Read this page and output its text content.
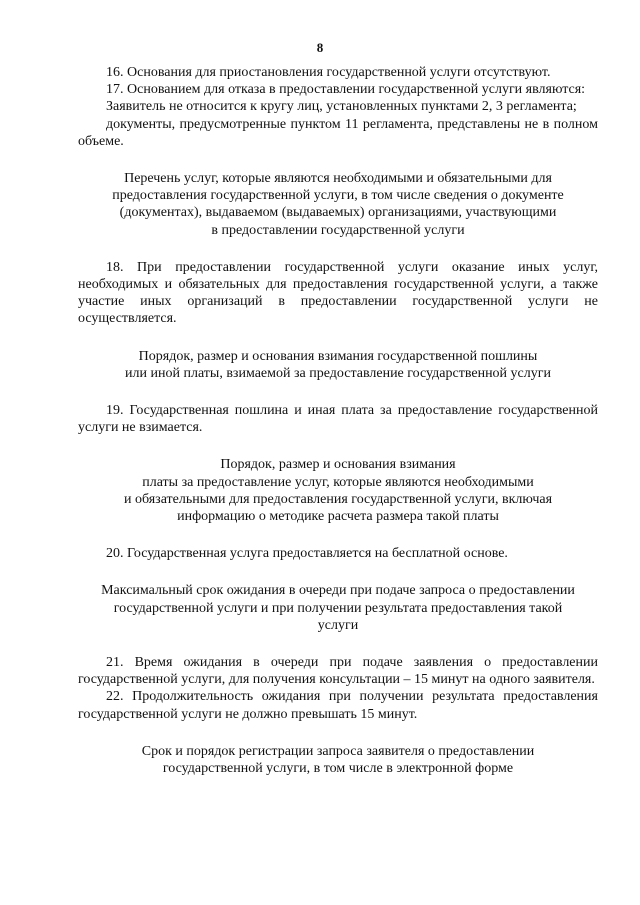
8

16. Основания для приостановления государственной услуги отсутствуют.

17. Основанием для отказа в предоставлении государственной услуги являются:

Заявитель не относится к кругу лиц, установленных пунктами 2, 3 регламента;

документы, предусмотренные пунктом 11 регламента, представлены не в полном объеме.

Перечень услуг, которые являются необходимыми и обязательными для
предоставления государственной услуги, в том числе сведения о документе
(документах), выдаваемом (выдаваемых) организациями, участвующими
в предоставлении государственной услуги

18. При предоставлении государственной услуги оказание иных услуг, необходимых и обязательных для предоставления государственной услуги, а также участие иных организаций в предоставлении государственной услуги не осуществляется.

Порядок, размер и основания взимания государственной пошлины
или иной платы, взимаемой за предоставление государственной услуги

19. Государственная пошлина и иная плата за предоставление государственной услуги не взимается.

Порядок, размер и основания взимания
платы за предоставление услуг, которые являются необходимыми
и обязательными для предоставления государственной услуги, включая
информацию о методике расчета размера такой платы

20. Государственная услуга предоставляется на бесплатной основе.

Максимальный срок ожидания в очереди при подаче запроса о предоставлении
государственной услуги и при получении результата предоставления такой
услуги

21. Время ожидания в очереди при подаче заявления о предоставлении государственной услуги, для получения консультации – 15 минут на одного заявителя.

22. Продолжительность ожидания при получении результата предоставления государственной услуги не должно превышать 15 минут.

Срок и порядок регистрации запроса заявителя о предоставлении
государственной услуги, в том числе в электронной форме
